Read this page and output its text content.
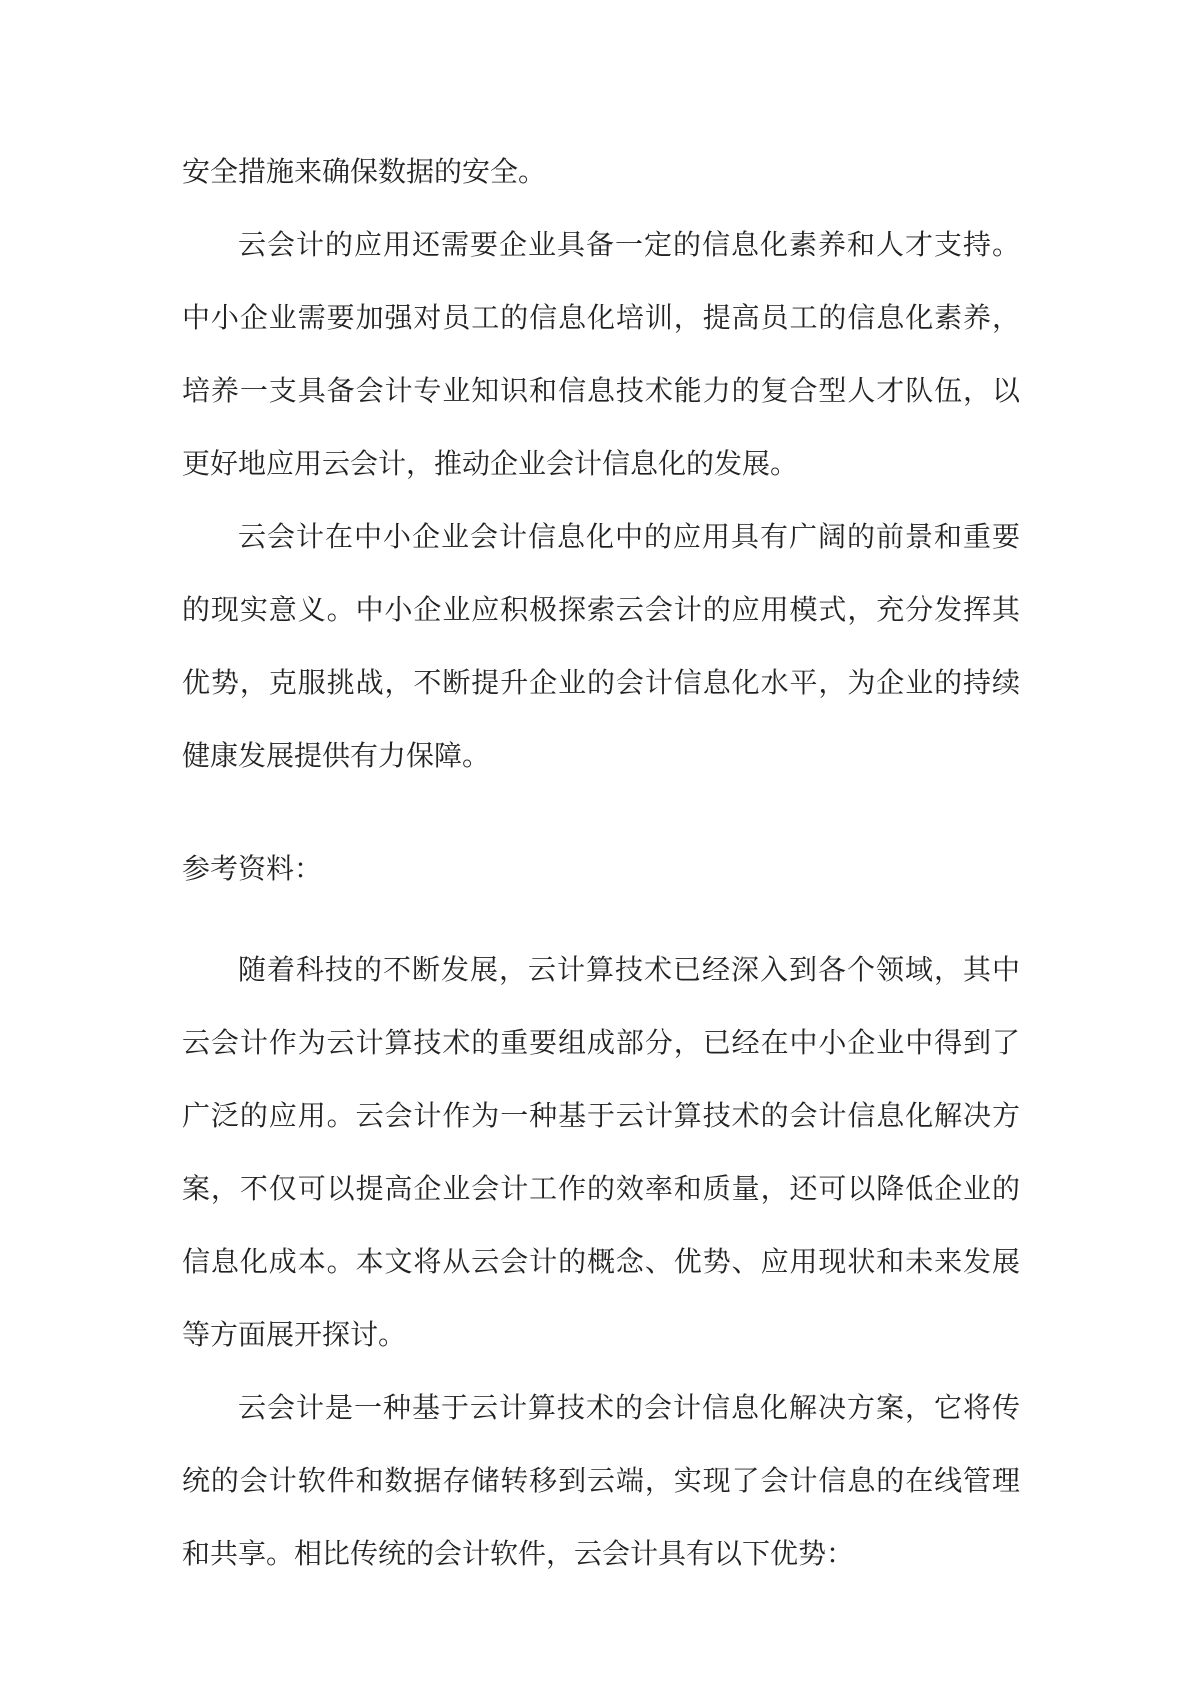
安全措施来确保数据的安全。

云会计的应用还需要企业具备一定的信息化素养和人才支持。中小企业需要加强对员工的信息化培训，提高员工的信息化素养，培养一支具备会计专业知识和信息技术能力的复合型人才队伍，以更好地应用云会计，推动企业会计信息化的发展。

云会计在中小企业会计信息化中的应用具有广阔的前景和重要的现实意义。中小企业应积极探索云会计的应用模式，充分发挥其优势，克服挑战，不断提升企业的会计信息化水平，为企业的持续健康发展提供有力保障。

参考资料：

随着科技的不断发展，云计算技术已经深入到各个领域，其中云会计作为云计算技术的重要组成部分，已经在中小企业中得到了广泛的应用。云会计作为一种基于云计算技术的会计信息化解决方案，不仅可以提高企业会计工作的效率和质量，还可以降低企业的信息化成本。本文将从云会计的概念、优势、应用现状和未来发展等方面展开探讨。

云会计是一种基于云计算技术的会计信息化解决方案，它将传统的会计软件和数据存储转移到云端，实现了会计信息的在线管理和共享。相比传统的会计软件，云会计具有以下优势：
